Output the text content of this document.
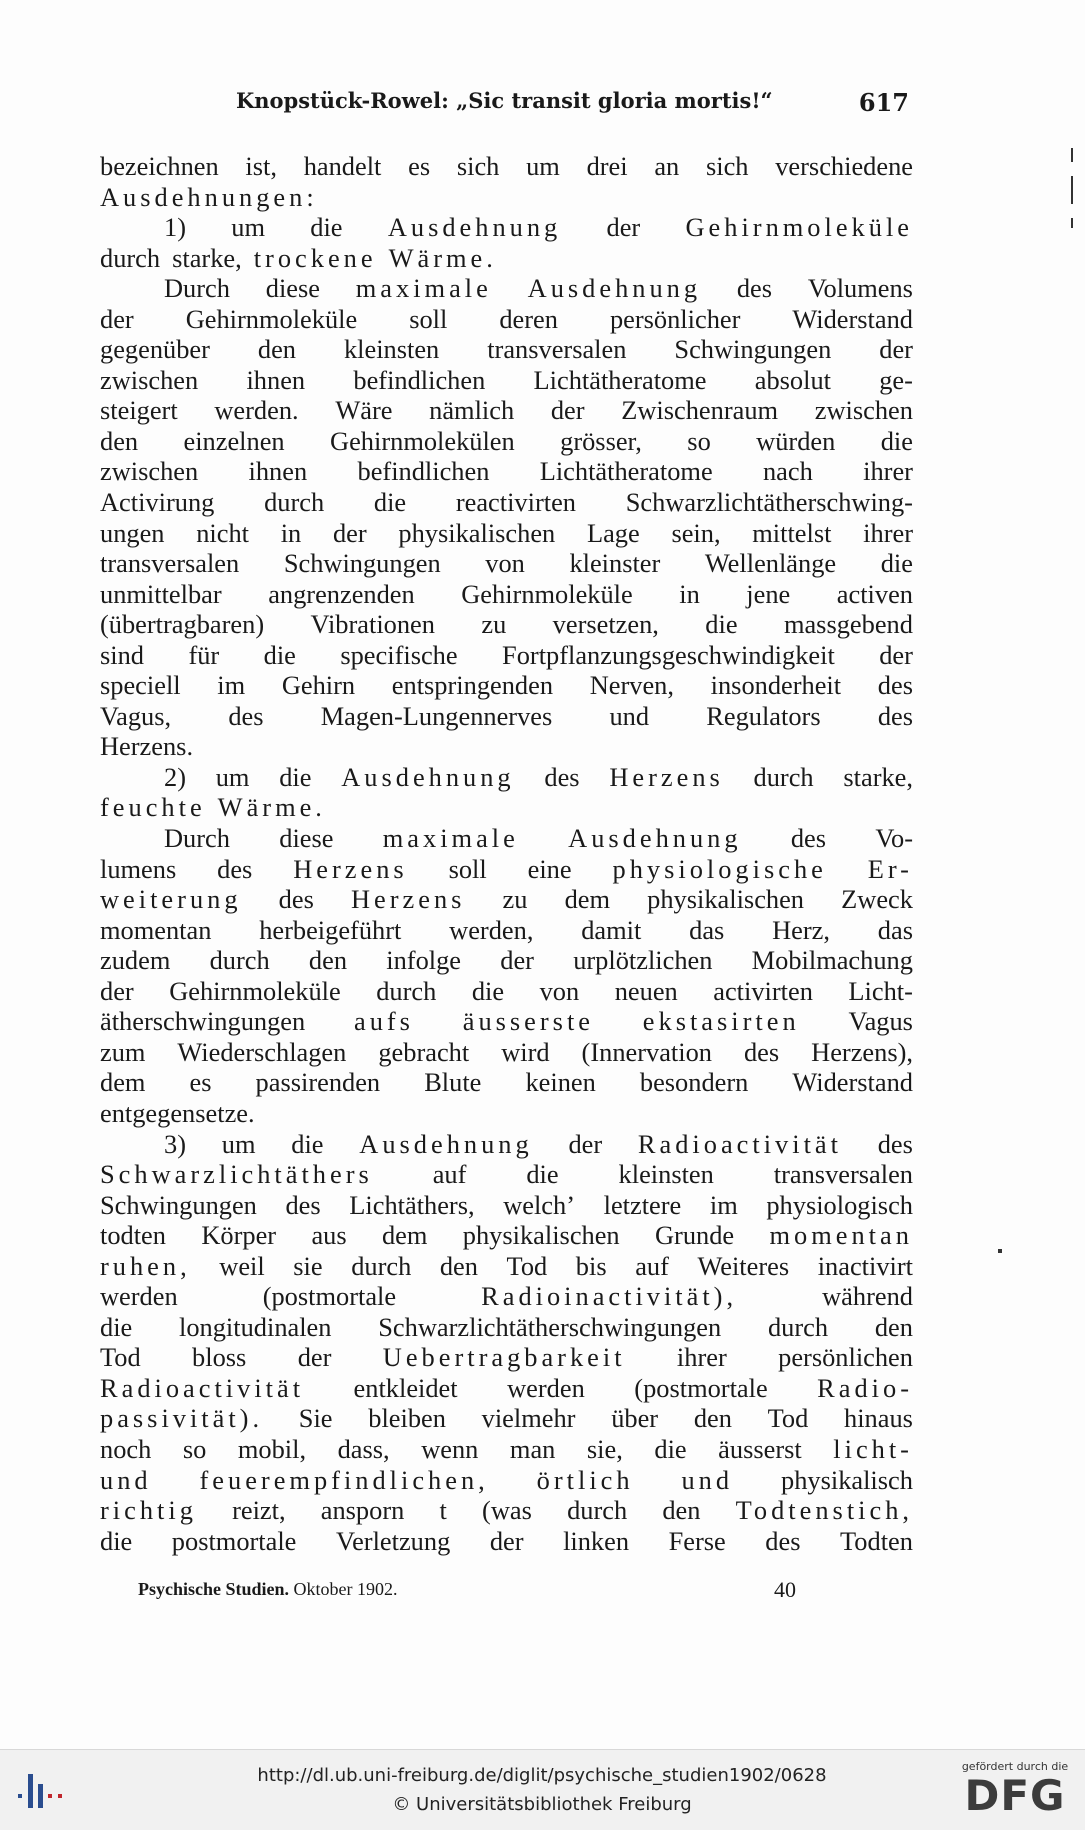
Knopstück-Rowel: „Sic transit gloria mortis!“	617
bezeichnen ist, handelt es sich um drei an sich verschiedene
Ausdehnungen:
1) um die Ausdehnung der Gehirnmoleküle
durch starke, trockene Wärme.
Durch diese maximale Ausdehnung des Volumens
der Gehirnmoleküle soll deren persönlicher Widerstand
gegenüber den kleinsten transversalen Schwingungen der
zwischen ihnen befindlichen Lichtätheratome absolut ge-
steigert werden. Wäre nämlich der Zwischenraum zwischen
den einzelnen Gehirnmolekülen grösser, so würden die
zwischen ihnen befindlichen Lichtätheratome nach ihrer
Activirung durch die reactivirten Schwarzlichtätherschwing-
ungen nicht in der physikalischen Lage sein, mittelst ihrer
transversalen Schwingungen von kleinster Wellenlänge die
unmittelbar angrenzenden Gehirnmoleküle in jene activen
(übertragbaren) Vibrationen zu versetzen, die massgebend
sind für die specifische Fortpflanzungsgeschwindigkeit der
speciell im Gehirn entspringenden Nerven, insonderheit des
Vagus, des Magen-Lungennerves und Regulators des
Herzens.
2) um die Ausdehnung des Herzens durch starke,
feuchte Wärme.
Durch diese maximale Ausdehnung des Vo-
lumens des Herzens soll eine physiologische Er-
weiterung des Herzens zu dem physikalischen Zweck
momentan herbeigeführt werden, damit das Herz, das
zudem durch den infolge der urplötzlichen Mobilmachung
der Gehirnmoleküle durch die von neuen activirten Licht-
ätherschwingungen aufs äusserste ekstasirten Vagus
zum Wiederschlagen gebracht wird (Innervation des Herzens),
dem es passirenden Blute keinen besondern Widerstand
entgegensetze.
3) um die Ausdehnung der Radioactivität des
Schwarzlichtäthers auf die kleinsten transversalen
Schwingungen des Lichtäthers, welch’ letztere im physiologisch
todten Körper aus dem physikalischen Grunde momentan
ruhen, weil sie durch den Tod bis auf Weiteres inactivirt
werden	(postmortale	Radioinactivität),	während
die longitudinalen Schwarzlichtätherschwingungen durch den
Tod bloss der Uebertragbarkeit ihrer persönlichen
Radioactivität entkleidet werden (postmortale Radio-
passivität). Sie bleiben vielmehr über den Tod hinaus
noch so mobil, dass, wenn man sie, die äusserst licht-
und feuerempfindlichen, örtlich und physikalisch
richtig reizt, ansporn t (was durch den Todtenstich,
die postmortale Verletzung der linken Ferse des Todten
Psychische Studien. Oktober 1902.	40
http://dl.ub.uni-freiburg.de/diglit/psychische_studien1902/0628
© Universitätsbibliothek Freiburg
gefördert durch die
DFG
